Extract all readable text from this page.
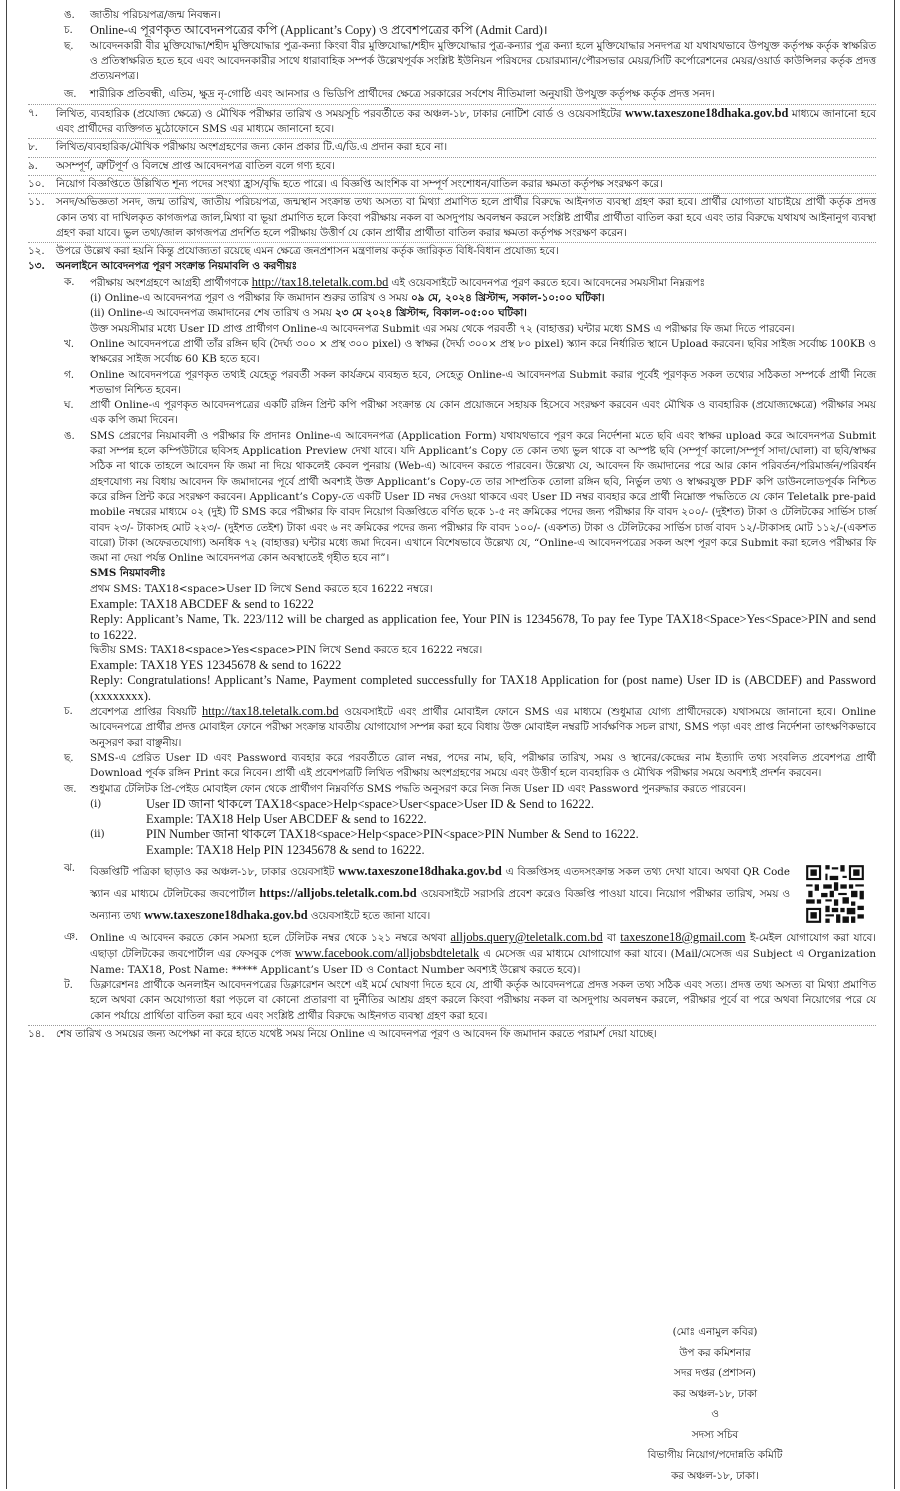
ঙ.	জাতীয় পরিচয়পত্র/জন্ম নিবন্ধন।
চ.	Online-এ পূরণকৃত আবেদনপত্রের কপি (Applicant’s Copy) ও প্রবেশপত্রের কপি (Admit Card)।
ছ.	আবেদনকারী বীর মুক্তিযোদ্ধা/শহীদ মুক্তিযোদ্ধার পুত্র-কন্যা কিংবা বীর মুক্তিযোদ্ধা/শহীদ মুক্তিযোদ্ধার পুত্র-কন্যার পুত্র কন্যা হলে মুক্তিযোদ্ধার সনদপত্র যা যথাযথভাবে উপযুক্ত কর্তৃপক্ষ কর্তৃক স্বাক্ষরিত ও প্রতিস্বাক্ষরিত হতে হবে এবং আবেদনকারীর সাথে ধারাবাহিক সম্পর্ক উল্লেখপূর্বক সংশ্লিষ্ট ইউনিয়ন পরিষদের চেয়ারম্যান/পৌরসভার মেয়র/সিটি কর্পোরেশনের মেয়র/ওয়ার্ড কাউন্সিলর কর্তৃক প্রদত্ত প্রত্যয়নপত্র।
জ.	শারীরিক প্রতিবন্ধী, এতিম, ক্ষুদ্র নৃ-গোষ্ঠি এবং আনসার ও ভিডিপি প্রার্থীদের ক্ষেত্রে সরকারের সর্বশেষ নীতিমালা অনুযায়ী উপযুক্ত কর্তৃপক্ষ কর্তৃক প্রদত্ত সনদ।
৭.	লিখিত, ব্যবহারিক (প্রযোজ্য ক্ষেত্রে) ও মৌখিক পরীক্ষার তারিখ ও সময়সূচি পরবর্তীতে কর অঞ্চল-১৮, ঢাকার নোটিশ বোর্ড ও ওয়েবসাইটের www.taxeszone18dhaka.gov.bd মাধ্যমে জানানো হবে এবং প্রার্থীদের ব্যক্তিগত মুঠোফোনে SMS এর মাধ্যমে জানানো হবে।
৮.	লিখিত/ব্যবহারিক/মৌখিক পরীক্ষায় অংশগ্রহণের জন্য কোন প্রকার টি.এ/ডি.এ প্রদান করা হবে না।
৯.	অসম্পূর্ণ, ত্রুটিপূর্ণ ও বিলম্বে প্রাপ্ত আবেদনপত্র বাতিল বলে গণ্য হবে।
১০.	নিয়োগ বিজ্ঞপ্তিতে উল্লিখিত শূন্য পদের সংখ্যা হ্রাস/বৃদ্ধি হতে পারে। এ বিজ্ঞপ্তি আংশিক বা সম্পূর্ণ সংশোধন/বাতিল করার ক্ষমতা কর্তৃপক্ষ সংরক্ষণ করে।
১১.	সনদ/অভিজ্ঞতা সনদ, জন্ম তারিখ, জাতীয় পরিচয়পত্র, জন্মস্থান সংক্রান্ত তথ্য অসত্য বা মিথ্যা প্রমাণিত হলে প্রার্থীর বিরুদ্ধে আইনগত ব্যবস্থা গ্রহণ করা হবে। প্রার্থীর যোগ্যতা যাচাইয়ে প্রার্থী কর্তৃক প্রদত্ত কোন তথ্য বা দাখিলকৃত কাগজপত্র জাল,মিথ্যা বা ভূয়া প্রমাণিত হলে কিংবা পরীক্ষায় নকল বা অসদুপায় অবলম্বন করলে সংশ্লিষ্ট প্রার্থীর প্রার্থীতা বাতিল করা হবে এবং তার বিরুদ্ধে যথাযথ আইনানুগ ব্যবস্থা গ্রহণ করা যাবে। ভুল তথ্য/জাল কাগজপত্র প্রদর্শিত হলে পরীক্ষায় উত্তীর্ণ যে কোন প্রার্থীর প্রার্থীতা বাতিল করার ক্ষমতা কর্তৃপক্ষ সংরক্ষণ করেন।
১২.	উপরে উল্লেখ করা হয়নি কিন্তু প্রযোজ্যতা রয়েছে এমন ক্ষেত্রে জনপ্রশাসন মন্ত্রণালয় কর্তৃক জারিকৃত বিধি-বিধান প্রযোজ্য হবে।
১৩.	অনলাইনে আবেদনপত্র পূরণ সংক্রান্ত নিয়মাবলি ও করণীয়ঃ
ক.	পরীক্ষায় অংশগ্রহণে আগ্রহী প্রার্থীগণকে http://tax18.teletalk.com.bd এই ওয়েবসাইটে আবেদনপত্র পূরণ করতে হবে। আবেদনের সময়সীমা নিম্নরূপঃ
(i) Online-এ আবেদনপত্র পূরণ ও পরীক্ষার ফি জমাদান শুরুর তারিখ ও সময় ০৯ মে, ২০২৪ খ্রিস্টাব্দ, সকাল-১০:০০ ঘটিকা।
(ii) Online-এ আবেদনপত্র জমাদানের শেষ তারিখ ও সময় ২৩ মে ২০২৪ খ্রিস্টাব্দ, বিকাল-০৫:০০ ঘটিকা।
উক্ত সময়সীমার মধ্যে User ID প্রাপ্ত প্রার্থীগণ Online-এ আবেদনপত্র Submit এর সময় থেকে পরবর্তী ৭২ (বাহাত্তর) ঘন্টার মধ্যে SMS এ পরীক্ষার ফি জমা দিতে পারবেন।
খ.	Online আবেদনপত্রে প্রার্থী তাঁর রঙ্গিন ছবি (দৈর্ঘ্য ৩০০ × প্রস্থ ৩০০ pixel) ও স্বাক্ষর (দৈর্ঘ্য ৩০০× প্রস্থ ৮০ pixel) স্ক্যান করে নির্ধারিত স্থানে Upload করবেন। ছবির সাইজ সর্বোচ্চ 100KB ও স্বাক্ষরের সাইজ সর্বোচ্চ 60 KB হতে হবে।
গ.	Online আবেদনপত্রে পূরণকৃত তথ্যই যেহেতু পরবর্তী সকল কার্যক্রমে ব্যবহৃত হবে, সেহেতু Online-এ আবেদনপত্র Submit করার পূর্বেই পূরণকৃত সকল তথ্যের সঠিকতা সম্পর্কে প্রার্থী নিজে শতভাগ নিশ্চিত হবেন।
ঘ.	প্রার্থী Online-এ পূরণকৃত আবেদনপত্রের একটি রঙ্গিন প্রিন্ট কপি পরীক্ষা সংক্রান্ত যে কোন প্রয়োজনে সহায়ক হিসেবে সংরক্ষণ করবেন এবং মৌখিক ও ব্যবহারিক (প্রযোজ্যক্ষেত্রে) পরীক্ষার সময় এক কপি জমা দিবেন।
ঙ.	SMS প্রেরণের নিয়মাবলী ও পরীক্ষার ফি প্রদানঃ Online-এ আবেদনপত্র (Application Form) যথাযথভাবে পূরণ করে নির্দেশনা মতে ছবি এবং স্বাক্ষর upload করে আবেদনপত্র Submit করা সম্পন্ন হলে কম্পিউটারে ছবিসহ Application Preview দেখা যাবে। যদি Applicant’s Copy তে কোন তথ্য ভুল থাকে বা অস্পষ্ট ছবি (সম্পূর্ণ কালো/সম্পূর্ণ সাদা/ঘোলা) বা ছবি/স্বাক্ষর সঠিক না থাকে তাহলে আবেদন ফি জমা না দিয়ে থাকলেই কেবল পুনরায় (Web-এ) আবেদন করতে পারবেন। উল্লেখ্য যে, আবেদন ফি জমাদানের পরে আর কোন পরিবর্তন/পরিমার্জন/পরিবর্ধন গ্রহণযোগ্য নয় বিধায় আবেদন ফি জমাদানের পূর্বে প্রার্থী অবশ্যই উক্ত Applicant’s Copy-তে তার সাম্প্রতিক তোলা রঙ্গিন ছবি, নির্ভুল তথ্য ও স্বাক্ষরযুক্ত PDF কপি ডাউনলোডপূর্বক নিশ্চিত করে রঙ্গিন প্রিন্ট করে সংরক্ষণ করবেন। Applicant’s Copy-তে একটি User ID নম্বর দেওয়া থাকবে এবং User ID নম্বর ব্যবহার করে প্রার্থী নিম্নোক্ত পদ্ধতিতে যে কোন Teletalk pre-paid mobile নম্বরের মাধ্যমে ০২ (দুই) টি SMS করে পরীক্ষার ফি বাবদ নিয়োগ বিজ্ঞপ্তিতে বর্ণিত ছকে ১-৫ নং ক্রমিকের পদের জন্য পরীক্ষার ফি বাবদ ২০০/- (দুইশত) টাকা ও টেলিটকের সার্ভিস চার্জ বাবদ ২৩/- টাকাসহ মোট ২২৩/- (দুইশত তেইশ) টাকা এবং ৬ নং ক্রমিকের পদের জন্য পরীক্ষার ফি বাবদ ১০০/- (একশত) টাকা ও টেলিটকের সার্ভিস চার্জ বাবদ ১২/-টাকাসহ মোট ১১২/-(একশত বারো) টাকা (অফেরতযোগ্য) অনধিক ৭২ (বাহাত্তর) ঘন্টার মধ্যে জমা দিবেন। এখানে বিশেষভাবে উল্লেখ্য যে, “Online-এ আবেদনপত্রের সকল অংশ পূরণ করে Submit করা হলেও পরীক্ষার ফি জমা না দেয়া পর্যন্ত Online আবেদনপত্র কোন অবস্থাতেই গৃহীত হবে না”।
SMS নিয়মাবলীঃ
প্রথম SMS: TAX18<space>User ID লিখে Send করতে হবে 16222 নম্বরে।
Example: TAX18 ABCDEF & send to 16222
Reply: Applicant’s Name, Tk. 223/112 will be charged as application fee, Your PIN is 12345678, To pay fee Type TAX18<Space>Yes<Space>PIN and send to 16222.
দ্বিতীয় SMS: TAX18<space>Yes<space>PIN লিখে Send করতে হবে 16222 নম্বরে।
Example: TAX18 YES 12345678 & send to 16222
Reply: Congratulations! Applicant’s Name, Payment completed successfully for TAX18 Application for (post name) User ID is (ABCDEF) and Password (xxxxxxxx).
চ.	প্রবেশপত্র প্রাপ্তির বিষয়টি http://tax18.teletalk.com.bd ওয়েবসাইটে এবং প্রার্থীর মোবাইল ফোনে SMS এর মাধ্যমে (শুধুমাত্র যোগ্য প্রার্থীদেরকে) যথাসময়ে জানানো হবে। Online আবেদনপত্রে প্রার্থীর প্রদত্ত মোবাইল ফোনে পরীক্ষা সংক্রান্ত যাবতীয় যোগাযোগ সম্পন্ন করা হবে বিধায় উক্ত মোবাইল নম্বরটি সার্বক্ষণিক সচল রাখা, SMS পড়া এবং প্রাপ্ত নির্দেশনা তাৎক্ষণিকভাবে অনুসরণ করা বাঞ্ছনীয়।
ছ.	SMS-এ প্রেরিত User ID এবং Password ব্যবহার করে পরবর্তীতে রোল নম্বর, পদের নাম, ছবি, পরীক্ষার তারিখ, সময় ও স্থানের/কেন্দ্রের নাম ইত্যাদি তথ্য সংবলিত প্রবেশপত্র প্রার্থী Download পূর্বক রঙ্গিন Print করে নিবেন। প্রার্থী এই প্রবেশপত্রটি লিখিত পরীক্ষায় অংশগ্রহণের সময়ে এবং উত্তীর্ণ হলে ব্যবহারিক ও মৌখিক পরীক্ষার সময়ে অবশ্যই প্রদর্শন করবেন।
জ.	শুধুমাত্র টেলিটক প্রি-পেইড মোবাইল ফোন থেকে প্রার্থীগণ নিম্নবর্ণিত SMS পদ্ধতি অনুসরণ করে নিজ নিজ User ID এবং Password পুনরুদ্ধার করতে পারবেন।
(i)	User ID জানা থাকলে TAX18<space>Help<space>User<space>User ID & Send to 16222.
Example: TAX18 Help User ABCDEF & send to 16222.
(ii)	PIN Number জানা থাকলে TAX18<space>Help<space>PIN<space>PIN Number & Send to 16222.
Example: TAX18 Help PIN 12345678 & send to 16222.
ঝ.	বিজ্ঞপ্তিটি পত্রিকা ছাড়াও কর অঞ্চল-১৮, ঢাকার ওয়েবসাইট www.taxeszone18dhaka.gov.bd এ বিজ্ঞপ্তিসহ এতদসংক্রান্ত সকল তথ্য দেখা যাবে। অথবা QR Code স্ক্যান এর মাধ্যমে টেলিটকের জবপোর্টাল https://alljobs.teletalk.com.bd ওয়েবসাইটে সরাসরি প্রবেশ করেও বিজ্ঞপ্তি পাওয়া যাবে। নিয়োগ পরীক্ষার তারিখ, সময় ও অন্যান্য তথ্য www.taxeszone18dhaka.gov.bd ওয়েবসাইটে হতে জানা যাবে।
ঞ.	Online এ আবেদন করতে কোন সমস্যা হলে টেলিটক নম্বর থেকে ১২১ নম্বরে অথবা alljobs.query@teletalk.com.bd বা taxeszone18@gmail.com ই-মেইল যোগাযোগ করা যাবে। এছাড়া টেলিটকের জবপোর্টাল এর ফেসবুক পেজ www.facebook.com/alljobsbdteletalk এ মেসেজ এর মাধ্যমে যোগাযোগ করা যাবে। (Mail/মেসেজ এর Subject এ Organization Name: TAX18, Post Name: ***** Applicant’s User ID ও Contact Number অবশ্যই উল্লেখ করতে হবে)।
ট.	ডিক্লারেশনঃ প্রার্থীকে অনলাইন আবেদনপত্রের ডিক্লারেশন অংশে এই মর্মে ঘোষণা দিতে হবে যে, প্রার্থী কর্তৃক আবেদনপত্রে প্রদত্ত সকল তথ্য সঠিক এবং সত্য। প্রদত্ত তথ্য অসত্য বা মিথ্যা প্রমাণিত হলে অথবা কোন অযোগ্যতা ধরা পড়লে বা কোনো প্রতারণা বা দুর্নীতির আশ্রয় গ্রহণ করলে কিংবা পরীক্ষায় নকল বা অসদুপায় অবলম্বন করলে, পরীক্ষার পূর্বে বা পরে অথবা নিয়োগের পরে যে কোন পর্যায়ে প্রার্থিতা বাতিল করা হবে এবং সংশ্লিষ্ট প্রার্থীর বিরুদ্ধে আইনগত ব্যবস্থা গ্রহণ করা হবে।
১৪.	শেষ তারিখ ও সময়ের জন্য অপেক্ষা না করে হাতে যথেষ্ট সময় নিয়ে Online এ আবেদনপত্র পূরণ ও আবেদন ফি জমাদান করতে পরামর্শ দেয়া যাচ্ছে।
(মোঃ এনামুল কবির)
উপ কর কমিশনার
সদর দপ্তর (প্রশাসন)
কর অঞ্চল-১৮, ঢাকা
ও
সদস্য সচিব
বিভাগীয় নিয়োগ/পদোন্নতি কমিটি
কর অঞ্চল-১৮, ঢাকা।
